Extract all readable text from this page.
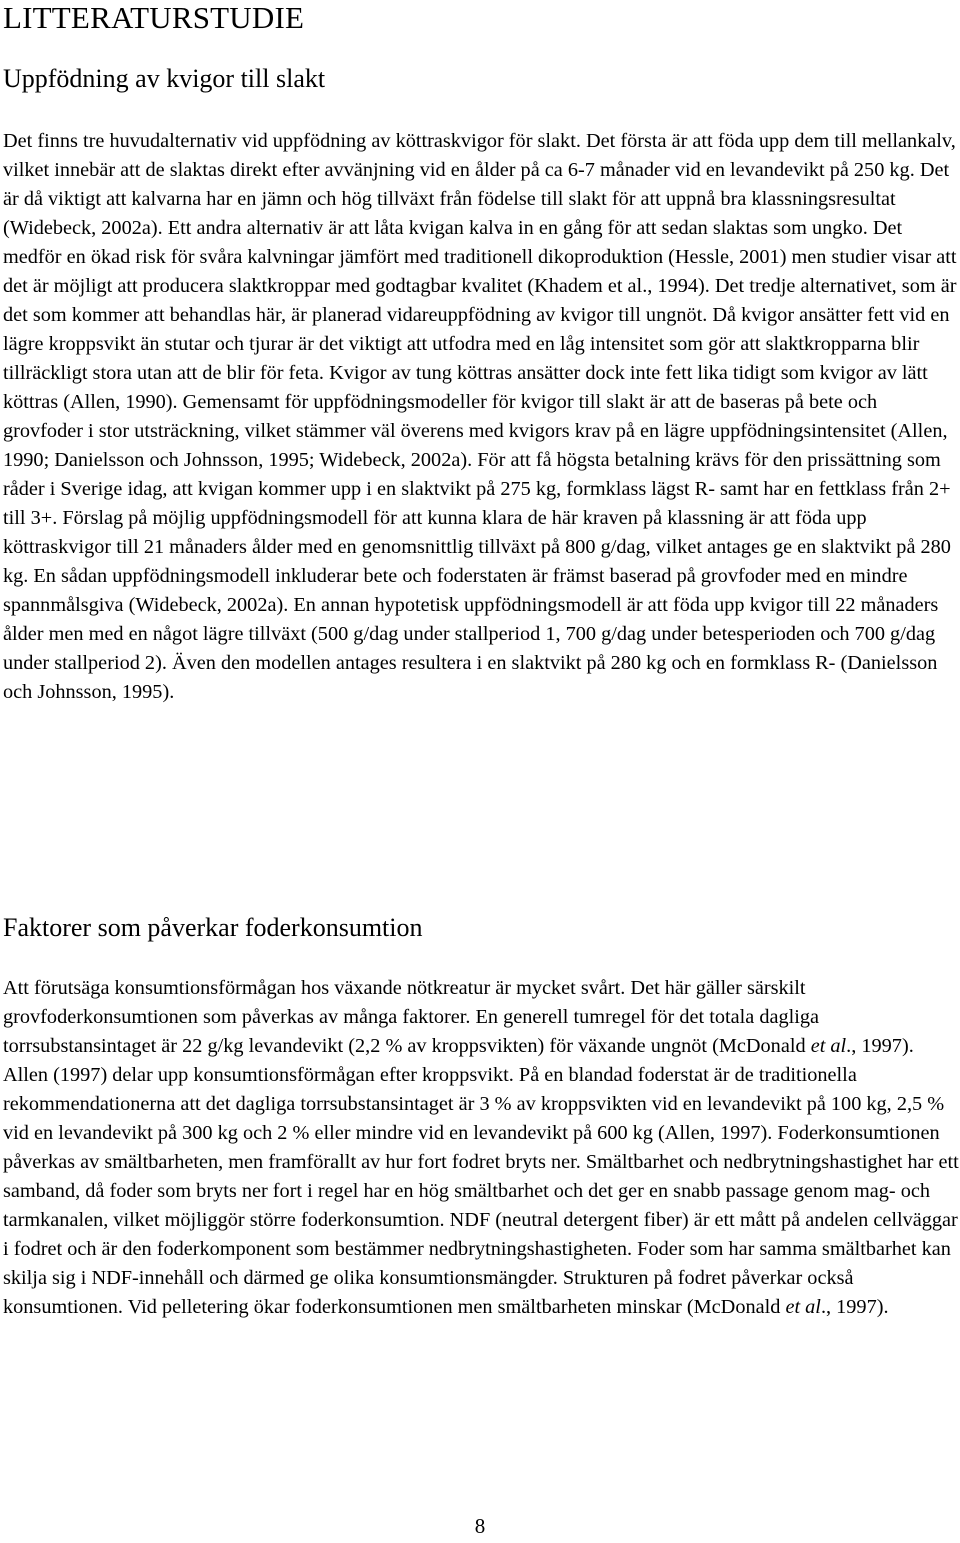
LITTERATURSTUDIE
Uppfödning av kvigor till slakt

Det finns tre huvudalternativ vid uppfödning av köttraskvigor för slakt. Det första är att föda upp dem till mellankalv, vilket innebär att de slaktas direkt efter avvänjning vid en ålder på ca 6-7 månader vid en levandevikt på 250 kg. Det är då viktigt att kalvarna har en jämn och hög tillväxt från födelse till slakt för att uppnå bra klassningsresultat (Widebeck, 2002a). Ett andra alternativ är att låta kvigan kalva in en gång för att sedan slaktas som ungko. Det medför en ökad risk för svåra kalvningar jämfört med traditionell dikoproduktion (Hessle, 2001) men studier visar att det är möjligt att producera slaktkroppar med godtagbar kvalitet (Khadem et al., 1994). Det tredje alternativet, som är det som kommer att behandlas här, är planerad vidareuppfödning av kvigor till ungnöt. Då kvigor ansätter fett vid en lägre kroppsvikt än stutar och tjurar är det viktigt att utfodra med en låg intensitet som gör att slaktkropparna blir tillräckligt stora utan att de blir för feta. Kvigor av tung köttras ansätter dock inte fett lika tidigt som kvigor av lätt köttras (Allen, 1990). Gemensamt för uppfödningsmodeller för kvigor till slakt är att de baseras på bete och grovfoder i stor utsträckning, vilket stämmer väl överens med kvigors krav på en lägre uppfödningsintensitet (Allen, 1990; Danielsson och Johnsson, 1995; Widebeck, 2002a). För att få högsta betalning krävs för den prissättning som råder i Sverige idag, att kvigan kommer upp i en slaktvikt på 275 kg, formklass lägst R- samt har en fettklass från 2+ till 3+. Förslag på möjlig uppfödningsmodell för att kunna klara de här kraven på klassning är att föda upp köttraskvigor till 21 månaders ålder med en genomsnittlig tillväxt på 800 g/dag, vilket antages ge en slaktvikt på 280 kg. En sådan uppfödningsmodell inkluderar bete och foderstaten är främst baserad på grovfoder med en mindre spannmålsgiva (Widebeck, 2002a). En annan hypotetisk uppfödningsmodell är att föda upp kvigor till 22 månaders ålder men med en något lägre tillväxt (500 g/dag under stallperiod 1, 700 g/dag under betesperioden och 700 g/dag under stallperiod 2). Även den modellen antages resultera i en slaktvikt på 280 kg och en formklass R- (Danielsson och Johnsson, 1995).

Faktorer som påverkar foderkonsumtion

Att förutsäga konsumtionsförmågan hos växande nötkreatur är mycket svårt. Det här gäller särskilt grovfoderkonsumtionen som påverkas av många faktorer. En generell tumregel för det totala dagliga torrsubstansintaget är 22 g/kg levandevikt (2,2 % av kroppsvikten) för växande ungnöt (McDonald et al., 1997). Allen (1997) delar upp konsumtionsförmågan efter kroppsvikt. På en blandad foderstat är de traditionella rekommendationerna att det dagliga torrsubstansintaget är 3 % av kroppsvikten vid en levandevikt på 100 kg, 2,5 % vid en levandevikt på 300 kg och 2 % eller mindre vid en levandevikt på 600 kg (Allen, 1997). Foderkonsumtionen påverkas av smältbarheten, men framförallt av hur fort fodret bryts ner. Smältbarhet och nedbrytningshastighet har ett samband, då foder som bryts ner fort i regel har en hög smältbarhet och det ger en snabb passage genom mag- och tarmkanalen, vilket möjliggör större foderkonsumtion. NDF (neutral detergent fiber) är ett mått på andelen cellväggar i fodret och är den foderkomponent som bestämmer nedbrytningshastigheten. Foder som har samma smältbarhet kan skilja sig i NDF-innehåll och därmed ge olika konsumtionsmängder. Strukturen på fodret påverkar också konsumtionen. Vid pelletering ökar foderkonsumtionen men smältbarheten minskar (McDonald et al., 1997).

8
